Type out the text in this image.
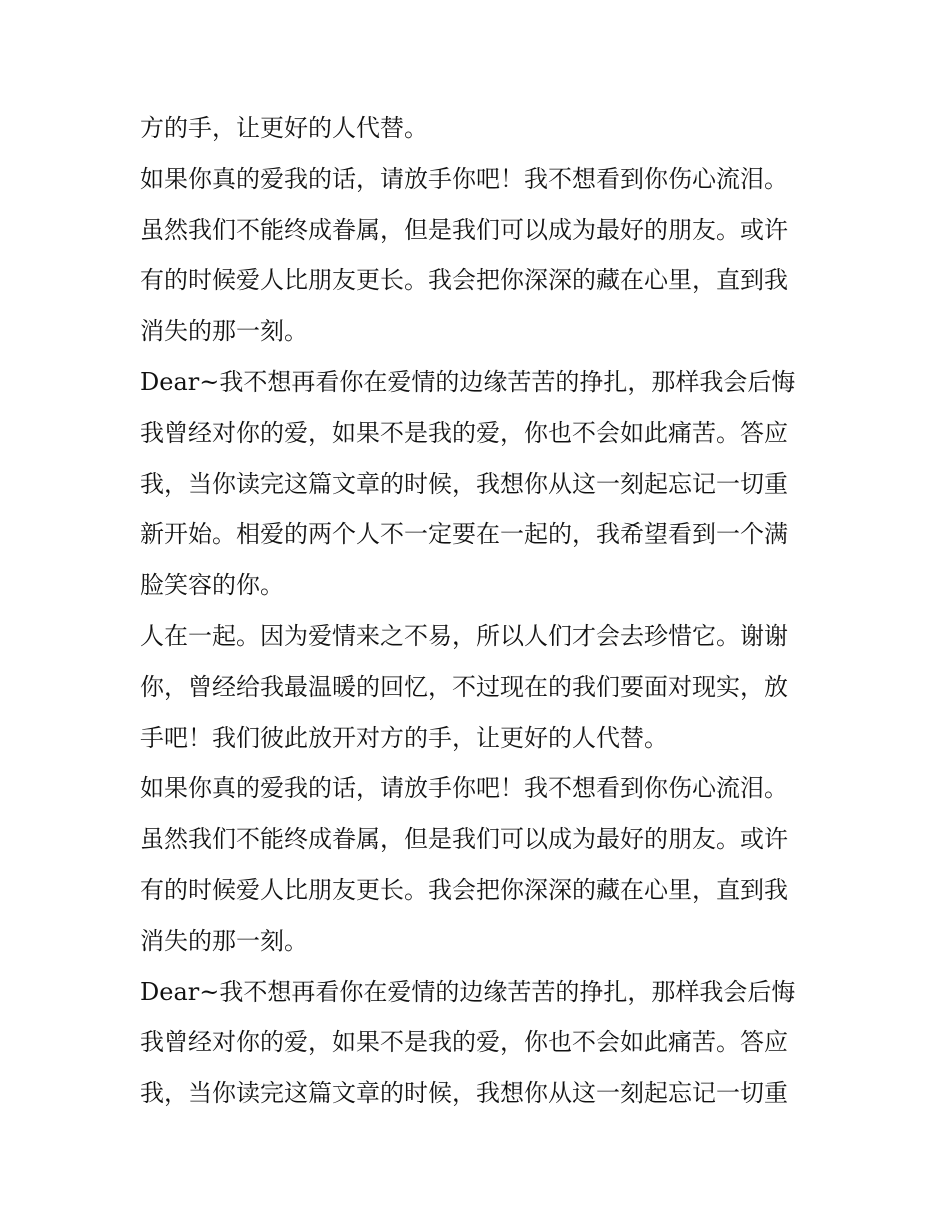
方的手，让更好的人代替。
如果你真的爱我的话，请放手你吧！我不想看到你伤心流泪。
虽然我们不能终成眷属，但是我们可以成为最好的朋友。或许
有的时候爱人比朋友更长。我会把你深深的藏在心里，直到我
消失的那一刻。
Dear~我不想再看你在爱情的边缘苦苦的挣扎，那样我会后悔
我曾经对你的爱，如果不是我的爱，你也不会如此痛苦。答应
我，当你读完这篇文章的时候，我想你从这一刻起忘记一切重
新开始。相爱的两个人不一定要在一起的，我希望看到一个满
脸笑容的你。
人在一起。因为爱情来之不易，所以人们才会去珍惜它。谢谢
你，曾经给我最温暖的回忆，不过现在的我们要面对现实，放
手吧！我们彼此放开对方的手，让更好的人代替。
如果你真的爱我的话，请放手你吧！我不想看到你伤心流泪。
虽然我们不能终成眷属，但是我们可以成为最好的朋友。或许
有的时候爱人比朋友更长。我会把你深深的藏在心里，直到我
消失的那一刻。
Dear~我不想再看你在爱情的边缘苦苦的挣扎，那样我会后悔
我曾经对你的爱，如果不是我的爱，你也不会如此痛苦。答应
我，当你读完这篇文章的时候，我想你从这一刻起忘记一切重
